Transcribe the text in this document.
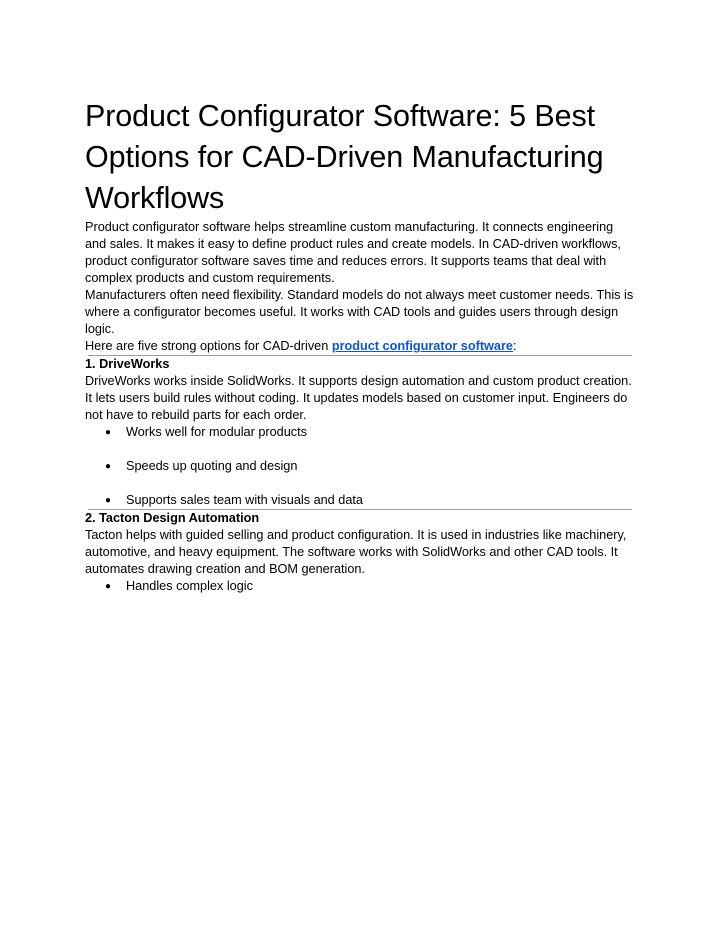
Product Configurator Software: 5 Best Options for CAD-Driven Manufacturing Workflows

Product configurator software helps streamline custom manufacturing. It connects engineering and sales. It makes it easy to define product rules and create models. In CAD-driven workflows, product configurator software saves time and reduces errors. It supports teams that deal with complex products and custom requirements.

Manufacturers often need flexibility. Standard models do not always meet customer needs. This is where a configurator becomes useful. It works with CAD tools and guides users through design logic.

Here are five strong options for CAD-driven product configurator software:

1. DriveWorks

DriveWorks works inside SolidWorks. It supports design automation and custom product creation. It lets users build rules without coding. It updates models based on customer input. Engineers do not have to rebuild parts for each order.

● Works well for modular products
● Speeds up quoting and design
● Supports sales team with visuals and data
2. Tacton Design Automation

Tacton helps with guided selling and product configuration. It is used in industries like machinery, automotive, and heavy equipment. The software works with SolidWorks and other CAD tools. It automates drawing creation and BOM generation.

● Handles complex logic
